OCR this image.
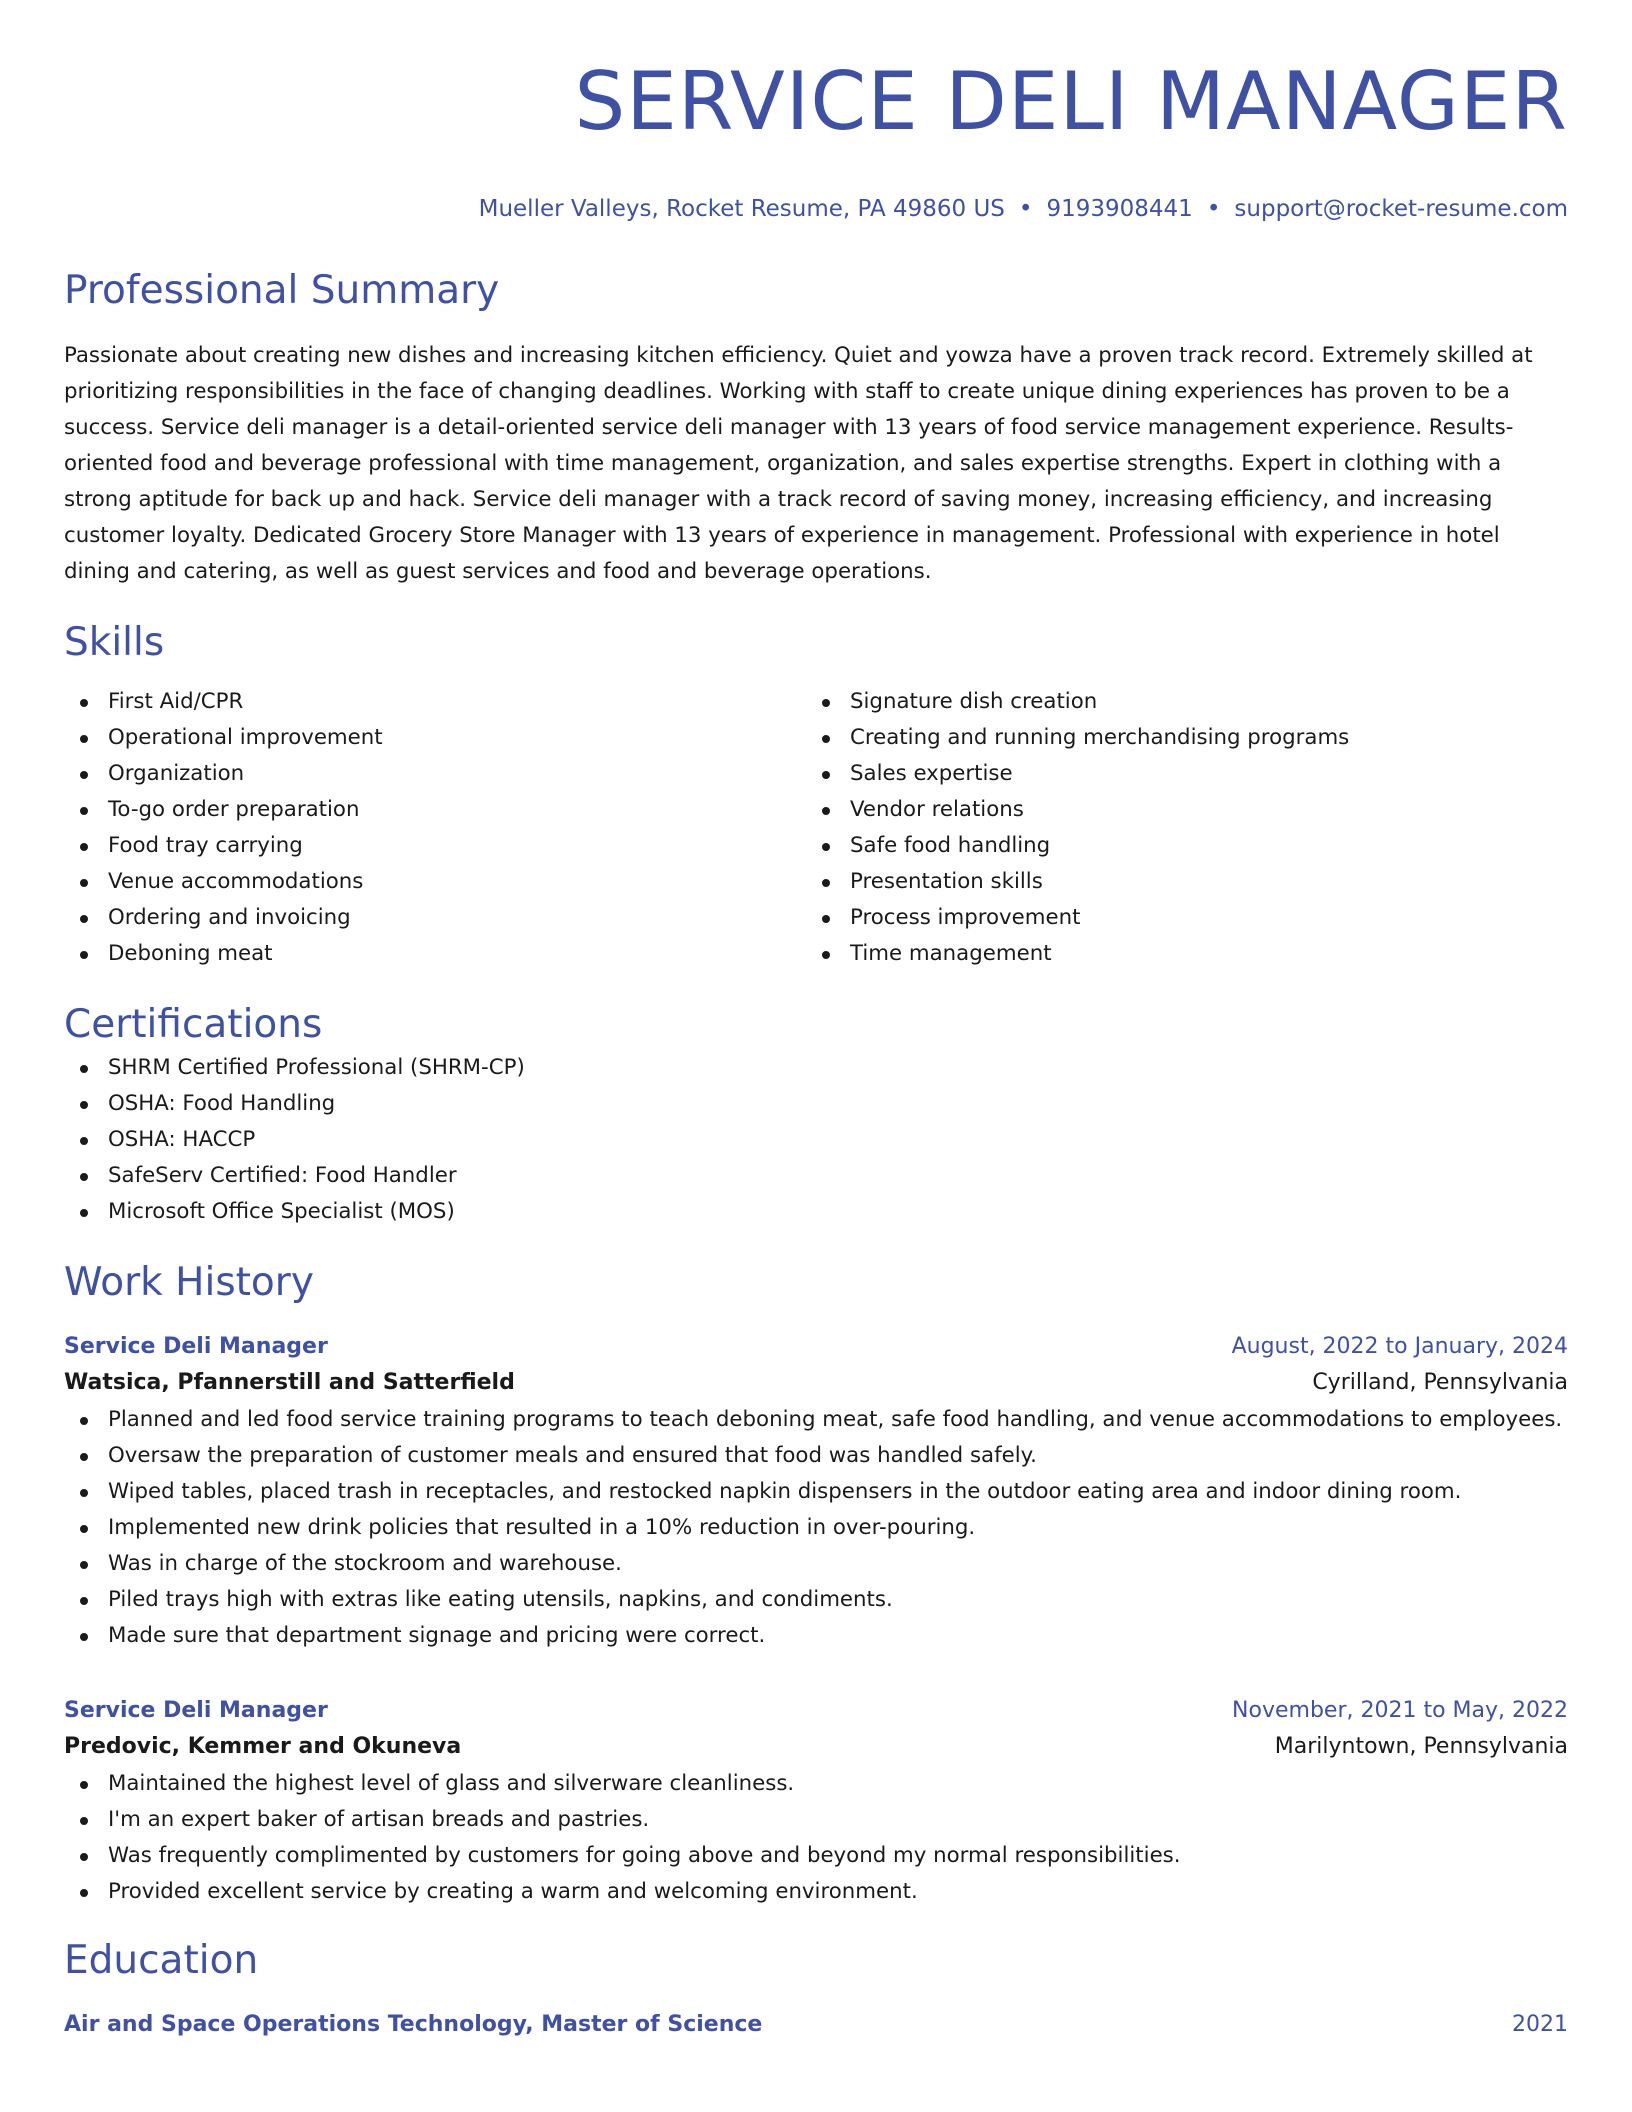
SERVICE DELI MANAGER
Mueller Valleys, Rocket Resume, PA 49860 US • 9193908441 • support@rocket-resume.com
Professional Summary

Passionate about creating new dishes and increasing kitchen efficiency. Quiet and yowza have a proven track record. Extremely skilled at prioritizing responsibilities in the face of changing deadlines. Working with staff to create unique dining experiences has proven to be a success. Service deli manager is a detail-oriented service deli manager with 13 years of food service management experience. Results-oriented food and beverage professional with time management, organization, and sales expertise strengths. Expert in clothing with a strong aptitude for back up and hack. Service deli manager with a track record of saving money, increasing efficiency, and increasing customer loyalty. Dedicated Grocery Store Manager with 13 years of experience in management. Professional with experience in hotel dining and catering, as well as guest services and food and beverage operations.

Skills
First Aid/CPR
Operational improvement
Organization
To-go order preparation
Food tray carrying
Venue accommodations
Ordering and invoicing
Deboning meat
Signature dish creation
Creating and running merchandising programs
Sales expertise
Vendor relations
Safe food handling
Presentation skills
Process improvement
Time management
Certifications
SHRM Certified Professional (SHRM-CP)
OSHA: Food Handling
OSHA: HACCP
SafeServ Certified: Food Handler
Microsoft Office Specialist (MOS)
Work History
Service Deli Manager	August, 2022 to January, 2024
Watsica, Pfannerstill and Satterfield	Cyrilland, Pennsylvania
Planned and led food service training programs to teach deboning meat, safe food handling, and venue accommodations to employees.
Oversaw the preparation of customer meals and ensured that food was handled safely.
Wiped tables, placed trash in receptacles, and restocked napkin dispensers in the outdoor eating area and indoor dining room.
Implemented new drink policies that resulted in a 10% reduction in over-pouring.
Was in charge of the stockroom and warehouse.
Piled trays high with extras like eating utensils, napkins, and condiments.
Made sure that department signage and pricing were correct.
Service Deli Manager	November, 2021 to May, 2022
Predovic, Kemmer and Okuneva	Marilyntown, Pennsylvania
Maintained the highest level of glass and silverware cleanliness.
I'm an expert baker of artisan breads and pastries.
Was frequently complimented by customers for going above and beyond my normal responsibilities.
Provided excellent service by creating a warm and welcoming environment.
Education
Air and Space Operations Technology, Master of Science	2021
